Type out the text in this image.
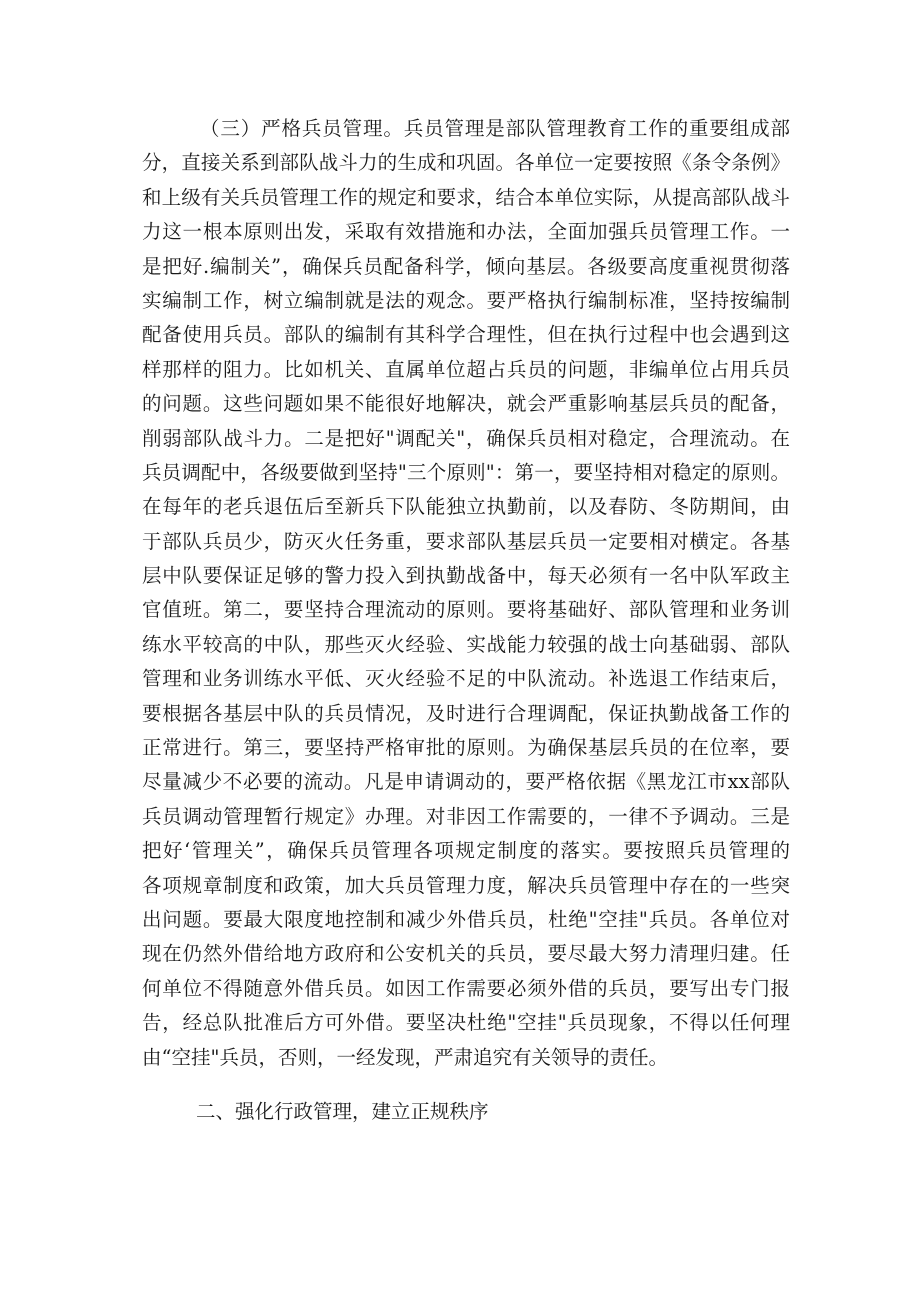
（三）严格兵员管理。兵员管理是部队管理教育工作的重要组成部
分，直接关系到部队战斗力的生成和巩固。各单位一定要按照《条令条例》
和上级有关兵员管理工作的规定和要求，结合本单位实际，从提高部队战斗
力这一根本原则出发，采取有效措施和办法，全面加强兵员管理工作。一
是把好.编制关”，确保兵员配备科学，倾向基层。各级要高度重视贯彻落
实编制工作，树立编制就是法的观念。要严格执行编制标准，坚持按编制
配备使用兵员。部队的编制有其科学合理性，但在执行过程中也会遇到这
样那样的阻力。比如机关、直属单位超占兵员的问题，非编单位占用兵员
的问题。这些问题如果不能很好地解决，就会严重影响基层兵员的配备，
削弱部队战斗力。二是把好"调配关"，确保兵员相对稳定，合理流动。在
兵员调配中，各级要做到坚持"三个原则"：第一，要坚持相对稳定的原则。
在每年的老兵退伍后至新兵下队能独立执勤前，以及春防、冬防期间，由
于部队兵员少，防灭火任务重，要求部队基层兵员一定要相对横定。各基
层中队要保证足够的警力投入到执勤战备中，每天必须有一名中队军政主
官值班。第二，要坚持合理流动的原则。要将基础好、部队管理和业务训
练水平较高的中队，那些灭火经验、实战能力较强的战士向基础弱、部队
管理和业务训练水平低、灭火经验不足的中队流动。补选退工作结束后，
要根据各基层中队的兵员情况，及时进行合理调配，保证执勤战备工作的
正常进行。第三，要坚持严格审批的原则。为确保基层兵员的在位率，要
尽量减少不必要的流动。凡是申请调动的，要严格依据《黑龙江市xx部队
兵员调动管理暂行规定》办理。对非因工作需要的，一律不予调动。三是
把好‘管理关”，确保兵员管理各项规定制度的落实。要按照兵员管理的
各项规章制度和政策，加大兵员管理力度，解决兵员管理中存在的一些突
出问题。要最大限度地控制和减少外借兵员，杜绝"空挂"兵员。各单位对
现在仍然外借给地方政府和公安机关的兵员，要尽最大努力清理归建。任
何单位不得随意外借兵员。如因工作需要必须外借的兵员，要写出专门报
告，经总队批准后方可外借。要坚决杜绝"空挂"兵员现象，不得以任何理
由“空挂"兵员，否则，一经发现，严肃追究有关领导的责任。
二、强化行政管理，建立正规秩序
